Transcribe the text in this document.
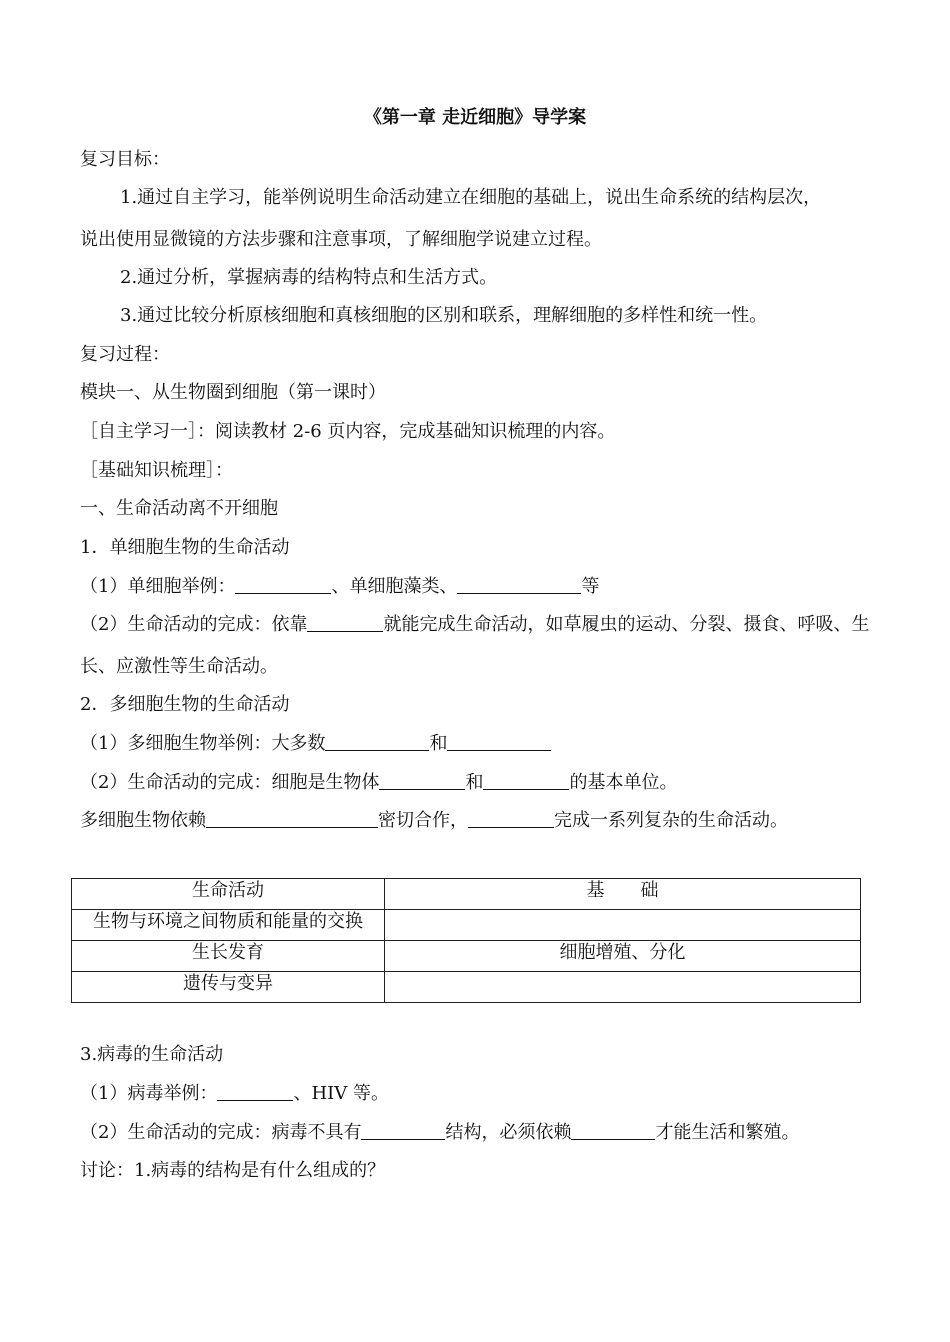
《第一章 走近细胞》导学案
复习目标：
1.通过自主学习，能举例说明生命活动建立在细胞的基础上，说出生命系统的结构层次，
说出使用显微镜的方法步骤和注意事项，了解细胞学说建立过程。
2.通过分析，掌握病毒的结构特点和生活方式。
3.通过比较分析原核细胞和真核细胞的区别和联系，理解细胞的多样性和统一性。
复习过程：
模块一、从生物圈到细胞（第一课时）
［自主学习一］：阅读教材 2-6 页内容，完成基础知识梳理的内容。
［基础知识梳理］：
一、生命活动离不开细胞
1．单细胞生物的生命活动
（1）单细胞举例：	、单细胞藻类、	等
（2）生命活动的完成：依靠	就能完成生命活动，如草履虫的运动、分裂、摄食、呼吸、生
长、应激性等生命活动。
2．多细胞生物的生命活动
（1）多细胞生物举例：大多数	和
（2）生命活动的完成：细胞是生物体	和	的基本单位。
多细胞生物依赖	密切合作，	完成一系列复杂的生命活动。
生命活动	基 础
生物与环境之间物质和能量的交换	
生长发育	细胞增殖、分化
遗传与变异	
3.病毒的生命活动
（1）病毒举例：	、HIV 等。
（2）生命活动的完成：病毒不具有	结构，必须依赖	才能生活和繁殖。
讨论：1.病毒的结构是有什么组成的？
